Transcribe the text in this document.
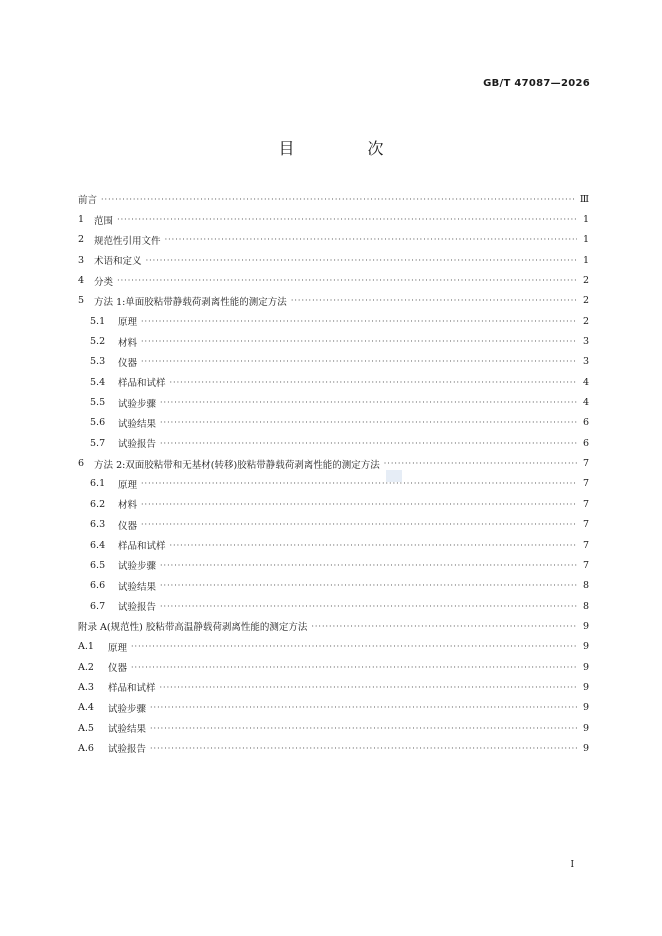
GB/T 47087—2026
目 次
前言 ·····	Ⅲ
1 范围 ·····	1
2 规范性引用文件 ·····	1
3 术语和定义 ·····	1
4 分类 ·····	2
5 方法 1:单面胶粘带静载荷剥离性能的测定方法 ·····	2
5.1	原理 ·····	2
5.2	材料 ·····	3
5.3	仪器 ·····	3
5.4	样品和试样 ·····	4
5.5	试验步骤 ·····	4
5.6	试验结果 ·····	6
5.7	试验报告 ·····	6
6 方法 2:双面胶粘带和无基材(转移)胶粘带静载荷剥离性能的测定方法 ·····	7
6.1	原理 ·····	7
6.2	材料 ·····	7
6.3	仪器 ·····	7
6.4	样品和试样 ·····	7
6.5	试验步骤 ·····	7
6.6	试验结果 ·····	8
6.7	试验报告 ·····	8
附录 A(规范性) 胶粘带高温静载荷剥离性能的测定方法 ·····	9
A.1	原理 ·····	9
A.2	仪器 ·····	9
A.3	样品和试样 ·····	9
A.4	试验步骤 ·····	9
A.5	试验结果 ·····	9
A.6	试验报告 ·····	9
I
